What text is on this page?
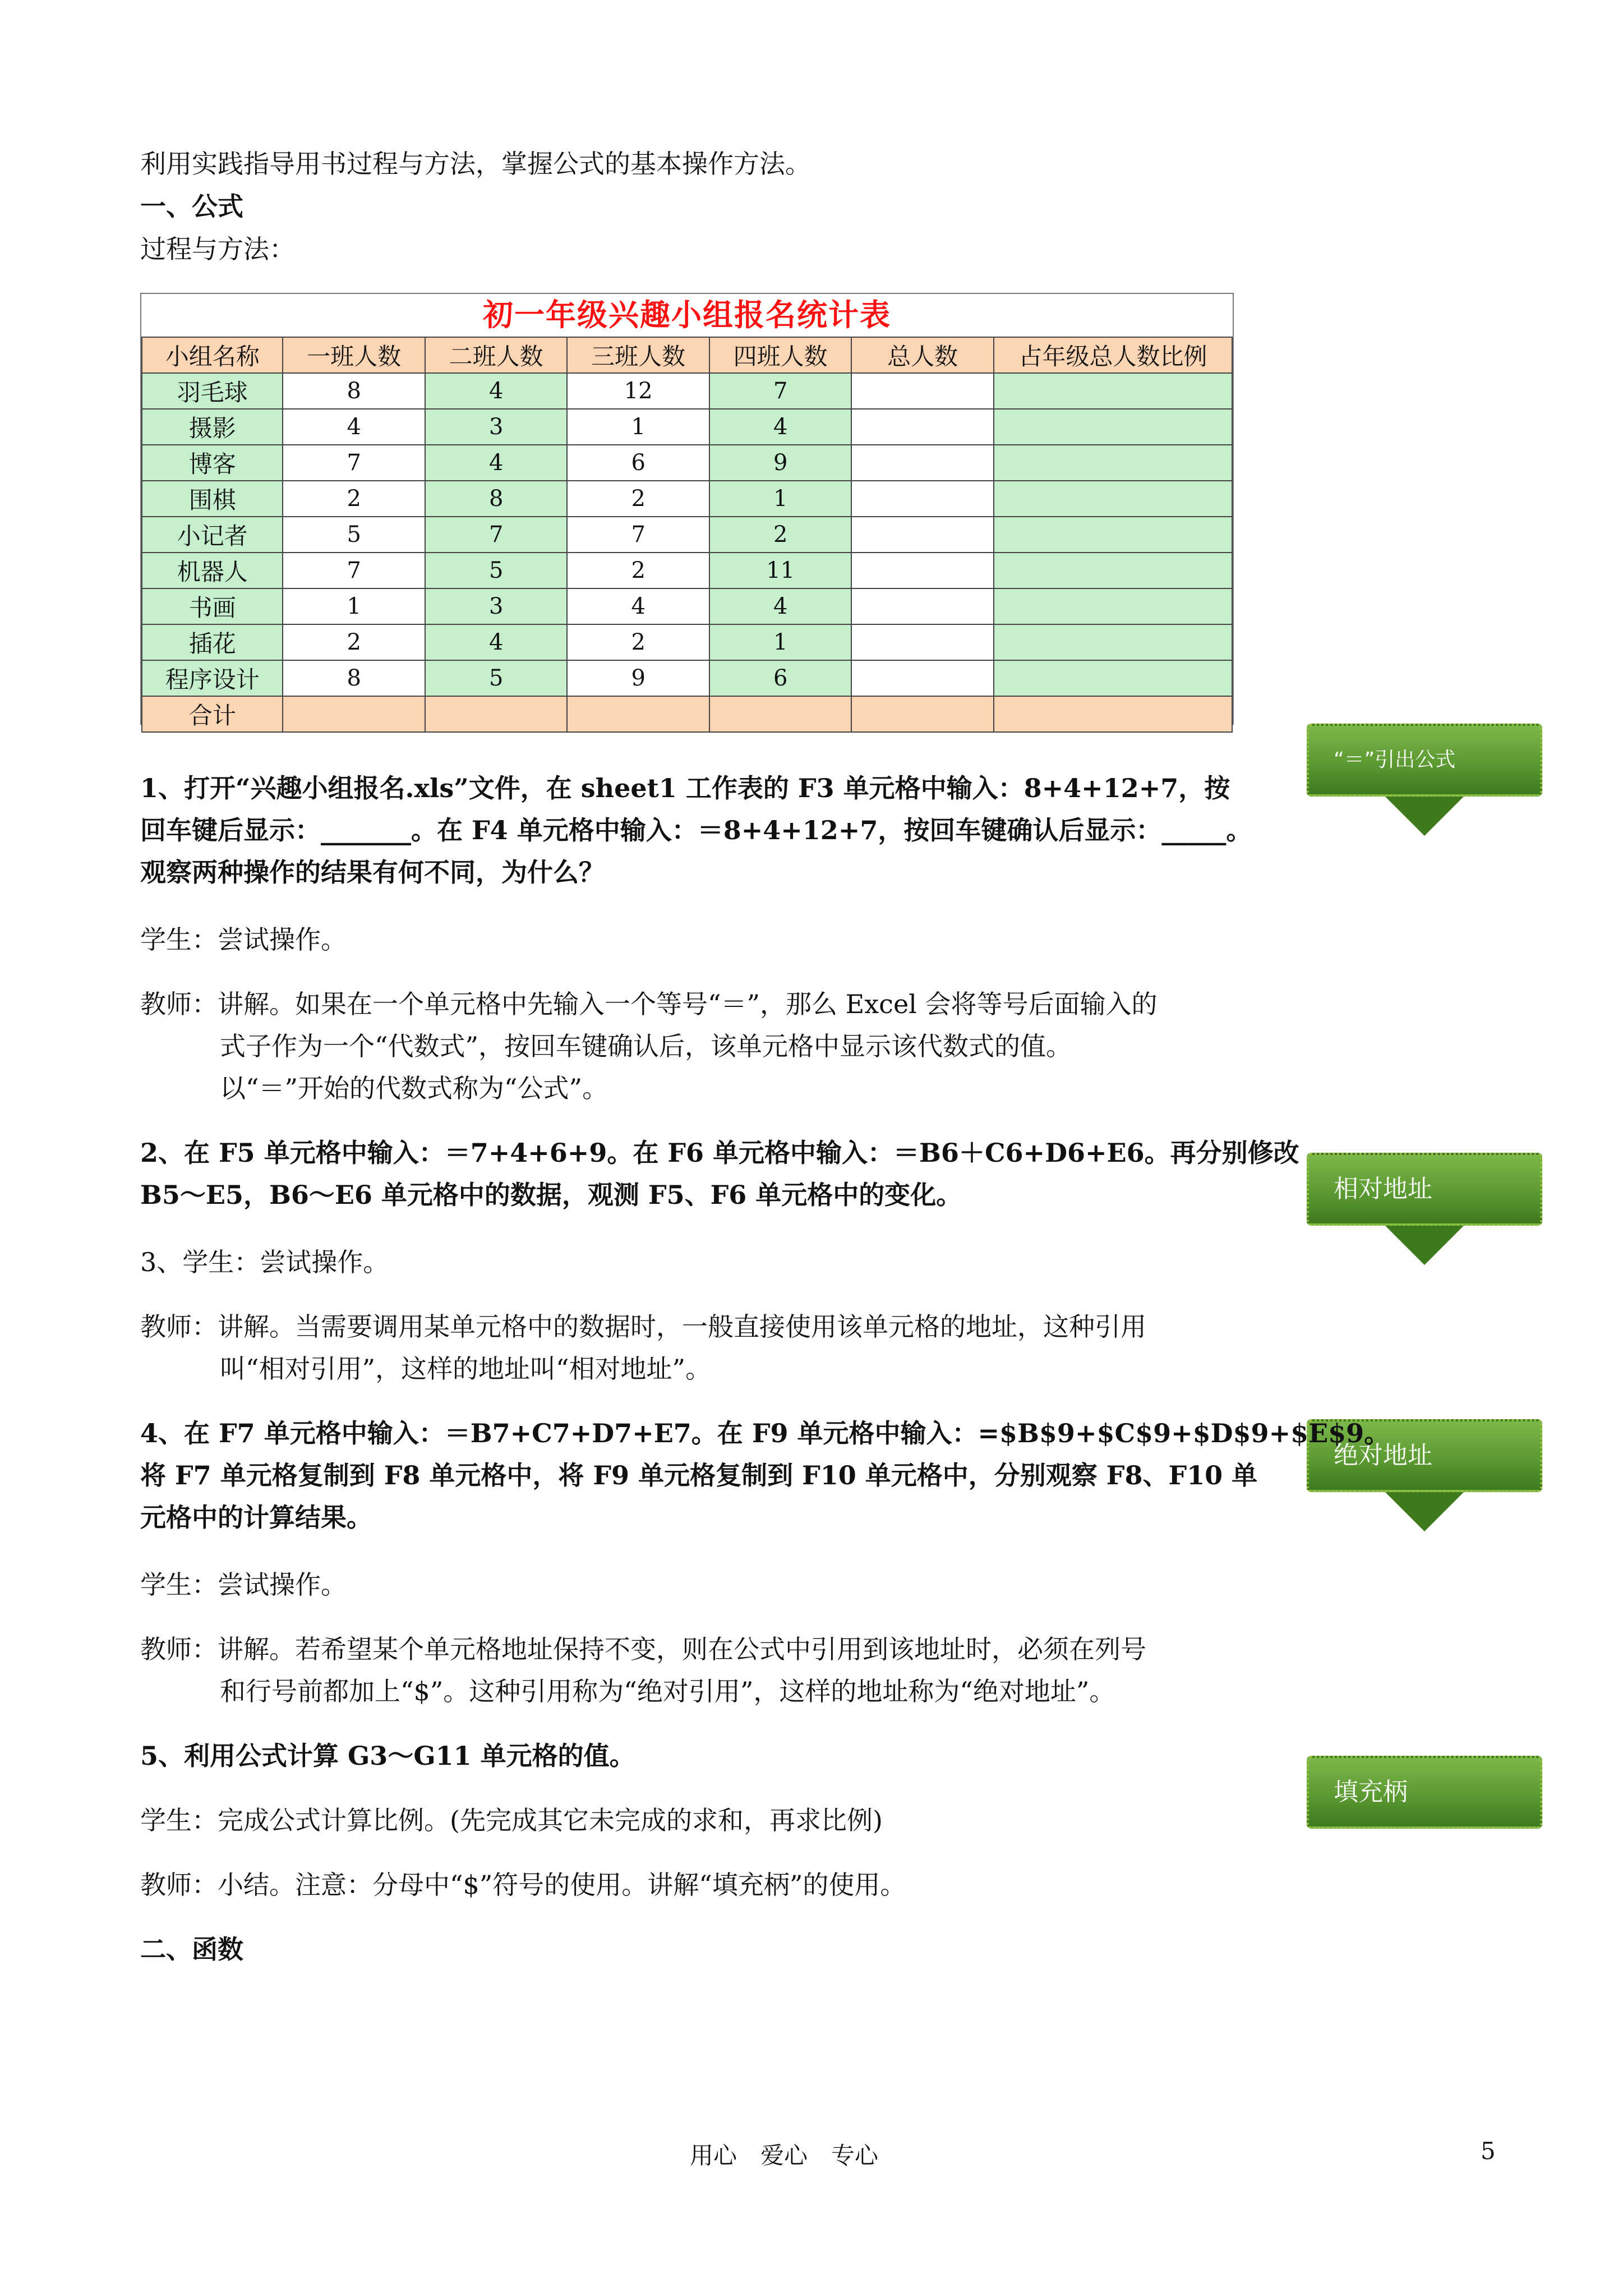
利用实践指导用书过程与方法，掌握公式的基本操作方法。
一、公式
过程与方法：
初一年级兴趣小组报名统计表
小组名称	一班人数	二班人数	三班人数	四班人数	总人数	占年级总人数比例
羽毛球	8	4	12	7		
摄影	4	3	1	4		
博客	7	4	6	9		
围棋	2	8	2	1		
小记者	5	7	7	2		
机器人	7	5	2	11		
书画	1	3	4	4		
插花	2	4	2	1		
程序设计	8	5	9	6		
合计						
“＝”引出公式
相对地址
绝对地址
填充柄
1、打开“兴趣小组报名.xls”文件，在 sheet1 工作表的 F3 单元格中输入：8+4+12+7，按
回车键后显示：_______。在 F4 单元格中输入：＝8+4+12+7，按回车键确认后显示：_____。
观察两种操作的结果有何不同，为什么？
学生：尝试操作。
教师：讲解。如果在一个单元格中先输入一个等号“＝”，那么 Excel 会将等号后面输入的
式子作为一个“代数式”，按回车键确认后，该单元格中显示该代数式的值。
以“＝”开始的代数式称为“公式”。
2、在 F5 单元格中输入：＝7+4+6+9。在 F6 单元格中输入：＝B6＋C6+D6+E6。再分别修改
B5～E5，B6～E6 单元格中的数据，观测 F5、F6 单元格中的变化。
3、学生：尝试操作。
教师：讲解。当需要调用某单元格中的数据时，一般直接使用该单元格的地址，这种引用
叫“相对引用”，这样的地址叫“相对地址”。
4、在 F7 单元格中输入：＝B7+C7+D7+E7。在 F9 单元格中输入：=$B$9+$C$9+$D$9+$E$9。
将 F7 单元格复制到 F8 单元格中，将 F9 单元格复制到 F10 单元格中，分别观察 F8、F10 单
元格中的计算结果。
学生：尝试操作。
教师：讲解。若希望某个单元格地址保持不变，则在公式中引用到该地址时，必须在列号
和行号前都加上“$”。这种引用称为“绝对引用”，这样的地址称为“绝对地址”。
5、利用公式计算 G3～G11 单元格的值。
学生：完成公式计算比例。(先完成其它未完成的求和，再求比例)
教师：小结。注意：分母中“$”符号的使用。讲解“填充柄”的使用。
二、函数
用心　爱心　专心	5
